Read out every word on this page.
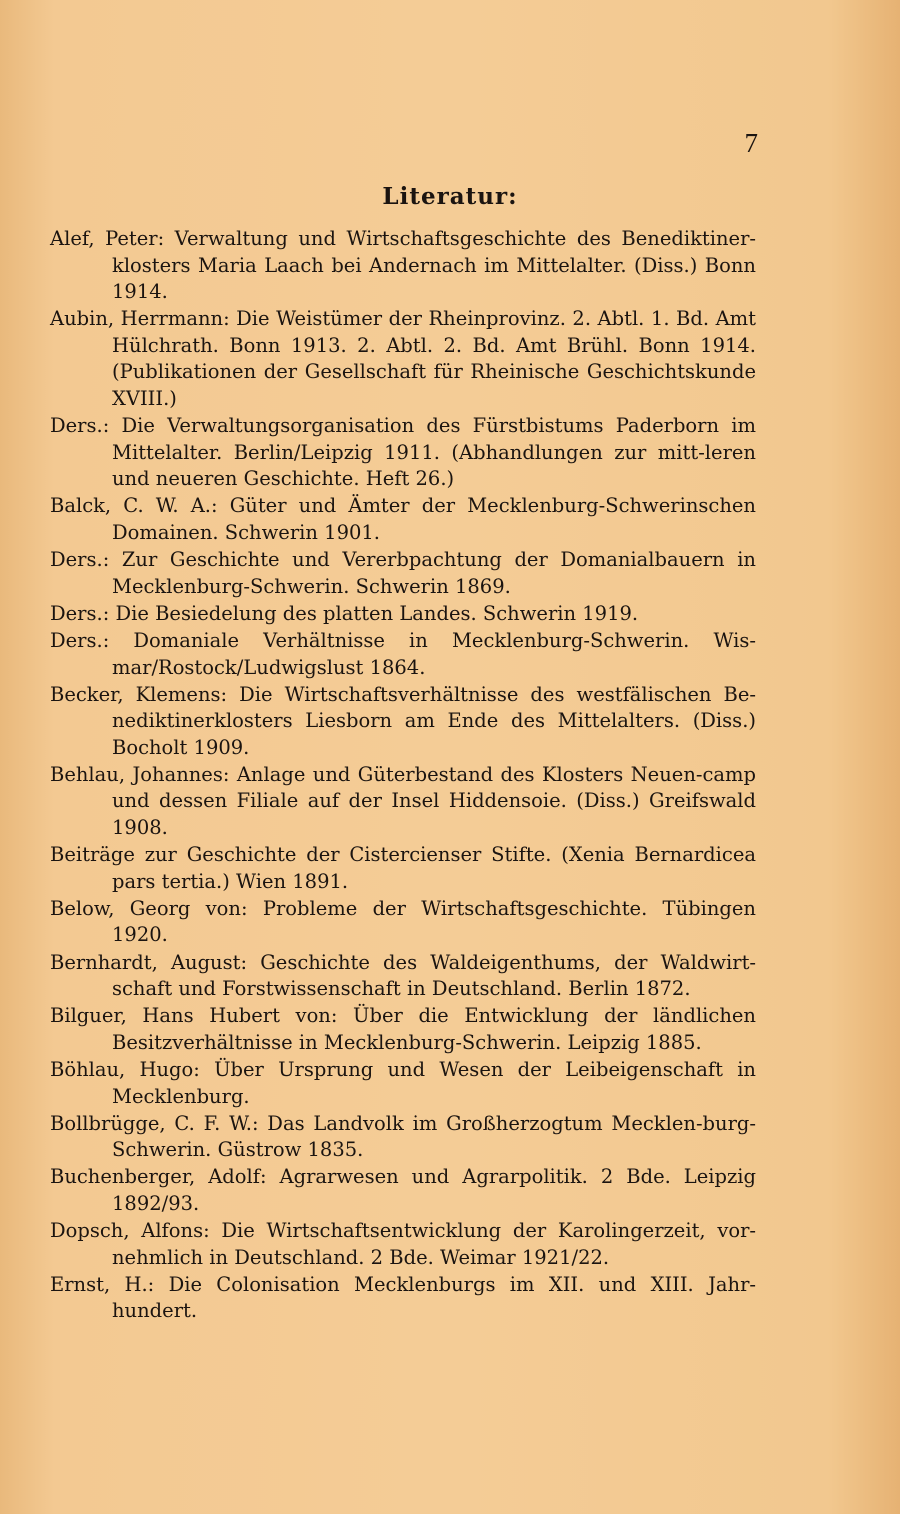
7
Literatur:
Alef, Peter: Verwaltung und Wirtschaftsgeschichte des Benediktiner-klosters Maria Laach bei Andernach im Mittelalter. (Diss.) Bonn 1914.
Aubin, Herrmann: Die Weistümer der Rheinprovinz. 2. Abtl. 1. Bd. Amt Hülchrath. Bonn 1913. 2. Abtl. 2. Bd. Amt Brühl. Bonn 1914. (Publikationen der Gesellschaft für Rheinische Geschichtskunde XVIII.)
Ders.: Die Verwaltungsorganisation des Fürstbistums Paderborn im Mittelalter. Berlin/Leipzig 1911. (Abhandlungen zur mitt-leren und neueren Geschichte. Heft 26.)
Balck, C. W. A.: Güter und Ämter der Mecklenburg-Schwerinschen Domainen. Schwerin 1901.
Ders.: Zur Geschichte und Vererbpachtung der Domanialbauern in Mecklenburg-Schwerin. Schwerin 1869.
Ders.: Die Besiedelung des platten Landes. Schwerin 1919.
Ders.: Domaniale Verhältnisse in Mecklenburg-Schwerin. Wis-mar/Rostock/Ludwigslust 1864.
Becker, Klemens: Die Wirtschaftsverhältnisse des westfälischen Be-nediktinerklosters Liesborn am Ende des Mittelalters. (Diss.) Bocholt 1909.
Behlau, Johannes: Anlage und Güterbestand des Klosters Neuen-camp und dessen Filiale auf der Insel Hiddensoie. (Diss.) Greifswald 1908.
Beiträge zur Geschichte der Cistercienser Stifte. (Xenia Bernardicea pars tertia.) Wien 1891.
Below, Georg von: Probleme der Wirtschaftsgeschichte. Tübingen 1920.
Bernhardt, August: Geschichte des Waldeigenthums, der Waldwirt-schaft und Forstwissenschaft in Deutschland. Berlin 1872.
Bilguer, Hans Hubert von: Über die Entwicklung der ländlichen Besitzverhältnisse in Mecklenburg-Schwerin. Leipzig 1885.
Böhlau, Hugo: Über Ursprung und Wesen der Leibeigenschaft in Mecklenburg.
Bollbrügge, C. F. W.: Das Landvolk im Großherzogtum Mecklen-burg-Schwerin. Güstrow 1835.
Buchenberger, Adolf: Agrarwesen und Agrarpolitik. 2 Bde. Leipzig 1892/93.
Dopsch, Alfons: Die Wirtschaftsentwicklung der Karolingerzeit, vor-nehmlich in Deutschland. 2 Bde. Weimar 1921/22.
Ernst, H.: Die Colonisation Mecklenburgs im XII. und XIII. Jahr-hundert.
